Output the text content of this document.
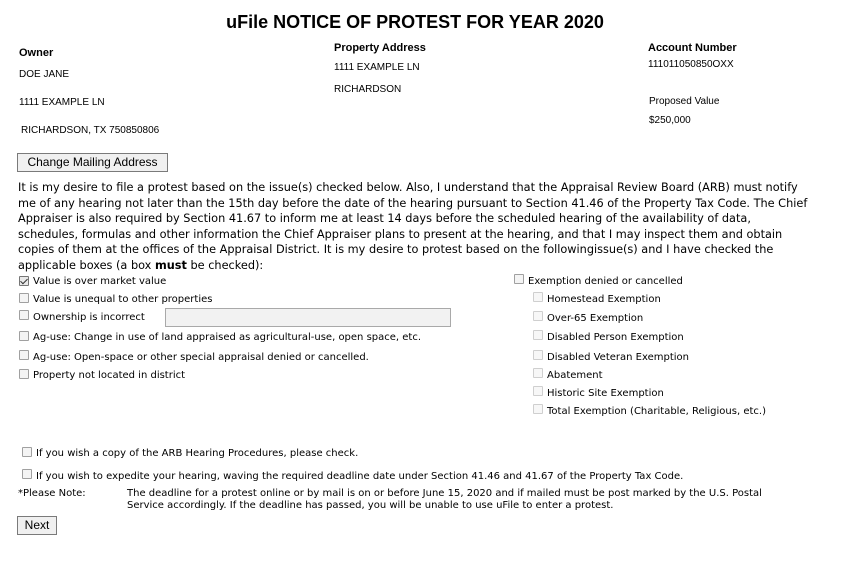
uFile NOTICE OF PROTEST FOR YEAR 2020
Owner
DOE JANE
1111 EXAMPLE LN
RICHARDSON, TX 750850806
Property Address
1111 EXAMPLE LN
RICHARDSON
Account Number
111011050850OXX
Proposed Value
$250,000
Change Mailing Address
It is my desire to file a protest based on the issue(s) checked below. Also, I understand that the Appraisal Review Board (ARB) must notify me of any hearing not later than the 15th day before the date of the hearing pursuant to Section 41.46 of the Property Tax Code. The Chief Appraiser is also required by Section 41.67 to inform me at least 14 days before the scheduled hearing of the availability of data, schedules, formulas and other information the Chief Appraiser plans to present at the hearing, and that I may inspect them and obtain copies of them at the offices of the Appraisal District. It is my desire to protest based on the followingissue(s) and I have checked the applicable boxes (a box must be checked):
Value is over market value
Value is unequal to other properties
Ownership is incorrect
Ag-use: Change in use of land appraised as agricultural-use, open space, etc.
Ag-use: Open-space or other special appraisal denied or cancelled.
Property not located in district
Exemption denied or cancelled
Homestead Exemption
Over-65 Exemption
Disabled Person Exemption
Disabled Veteran Exemption
Abatement
Historic Site Exemption
Total Exemption (Charitable, Religious, etc.)
If you wish a copy of the ARB Hearing Procedures, please check.
If you wish to expedite your hearing, waving the required deadline date under Section 41.46 and 41.67 of the Property Tax Code.
*Please Note:	The deadline for a protest online or by mail is on or before June 15, 2020 and if mailed must be post marked by the U.S. Postal
Service accordingly. If the deadline has passed, you will be unable to use uFile to enter a protest.
Next
